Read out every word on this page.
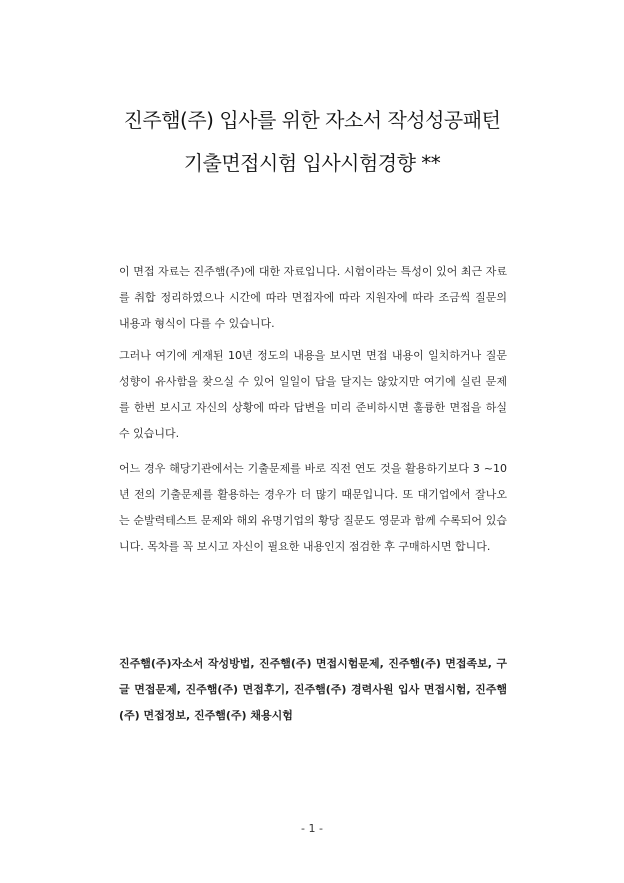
진주햄(주) 입사를 위한 자소서 작성성공패턴
기출면접시험 입사시험경향 **

이 면접 자료는 진주햄(주)에 대한 자료입니다. 시험이라는 특성이 있어 최근 자료를 취합 정리하였으나 시간에 따라 면접자에 따라 지원자에 따라 조금씩 질문의 내용과 형식이 다를 수 있습니다.

그러나 여기에 게재된 10년 정도의 내용을 보시면 면접 내용이 일치하거나 질문 성향이 유사함을 찾으실 수 있어 일일이 답을 달지는 않았지만 여기에 실린 문제를 한번 보시고 자신의 상황에 따라 답변을 미리 준비하시면 훌륭한 면접을 하실 수 있습니다.

어느 경우 해당기관에서는 기출문제를 바로 직전 연도 것을 활용하기보다 3 ~10년 전의 기출문제를 활용하는 경우가 더 많기 때문입니다. 또 대기업에서 잘나오는 순발력테스트 문제와 해외 유명기업의 황당 질문도 영문과 함께 수록되어 있습니다. 목차를 꼭 보시고 자신이 필요한 내용인지 점검한 후 구매하시면 합니다.

진주햄(주)자소서 작성방법, 진주햄(주) 면접시험문제, 진주햄(주) 면접족보, 구글 면접문제, 진주햄(주) 면접후기, 진주햄(주) 경력사원 입사 면접시험, 진주햄(주) 면접정보, 진주햄(주) 채용시험

- 1 -
